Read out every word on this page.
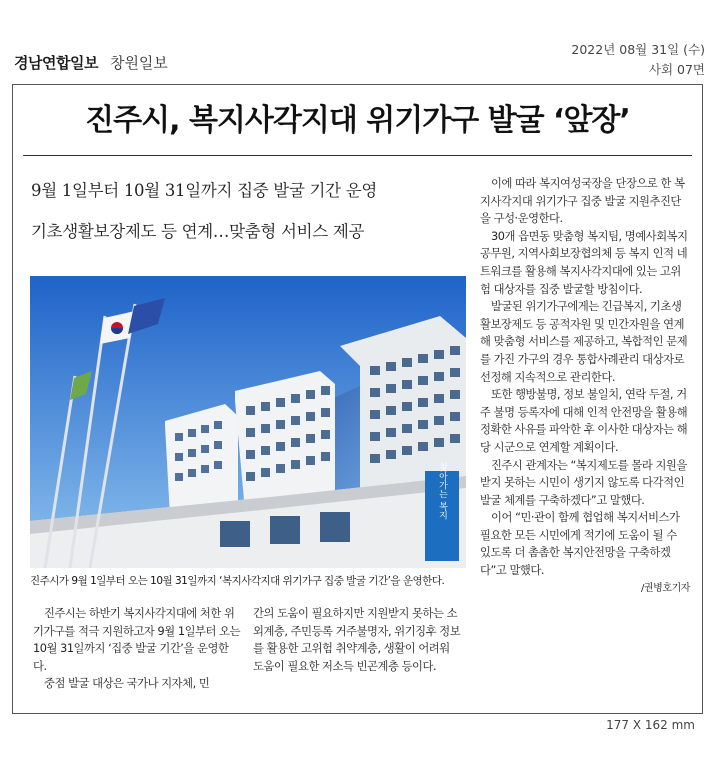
경남연합일보 창원일보
2022년 08월 31일 (수)
사회 07면
진주시, 복지사각지대 위기가구 발굴 ‘앞장’
9월 1일부터 10월 31일까지 집중 발굴 기간 운영
기초생활보장제도 등 연계…맞춤형 서비스 제공
찾아가는 복지
진주시가 9월 1일부터 오는 10월 31일까지 ‘복지사각지대 위기가구 집중 발굴 기간’을 운영한다.

진주시는 하반기 복지사각지대에 처한 위기가구를 적극 지원하고자 9월 1일부터 오는 10월 31일까지 ‘집중 발굴 기간’을 운영한다.

중점 발굴 대상은 국가나 지자체, 민

간의 도움이 필요하지만 지원받지 못하는 소외계층, 주민등록 거주불명자, 위기징후 정보를 활용한 고위험 취약계층, 생활이 어려워 도움이 필요한 저소득 빈곤계층 등이다.

이에 따라 복지여성국장을 단장으로 한 복지사각지대 위기가구 집중 발굴 지원추진단을 구성·운영한다.

30개 읍면동 맞춤형 복지팀, 명예사회복지공무원, 지역사회보장협의체 등 복지 인적 네트워크를 활용해 복지사각지대에 있는 고위험 대상자를 집중 발굴할 방침이다.

발굴된 위기가구에게는 긴급복지, 기초생활보장제도 등 공적자원 및 민간자원을 연계해 맞춤형 서비스를 제공하고, 복합적인 문제를 가진 가구의 경우 통합사례관리 대상자로 선정해 지속적으로 관리한다.

또한 행방불명, 정보 불일치, 연락 두절, 거주 불명 등록자에 대해 인적 안전망을 활용해 정확한 사유를 파악한 후 이사한 대상자는 해당 시군으로 연계할 계획이다.

진주시 관계자는 “복지제도를 몰라 지원을 받지 못하는 시민이 생기지 않도록 다각적인 발굴 체계를 구축하겠다”고 말했다.

이어 “민·관이 함께 협업해 복지서비스가 필요한 모든 시민에게 적기에 도움이 될 수 있도록 더 촘촘한 복지안전망을 구축하겠다”고 말했다.

/권병호기자
177 X 162 mm
